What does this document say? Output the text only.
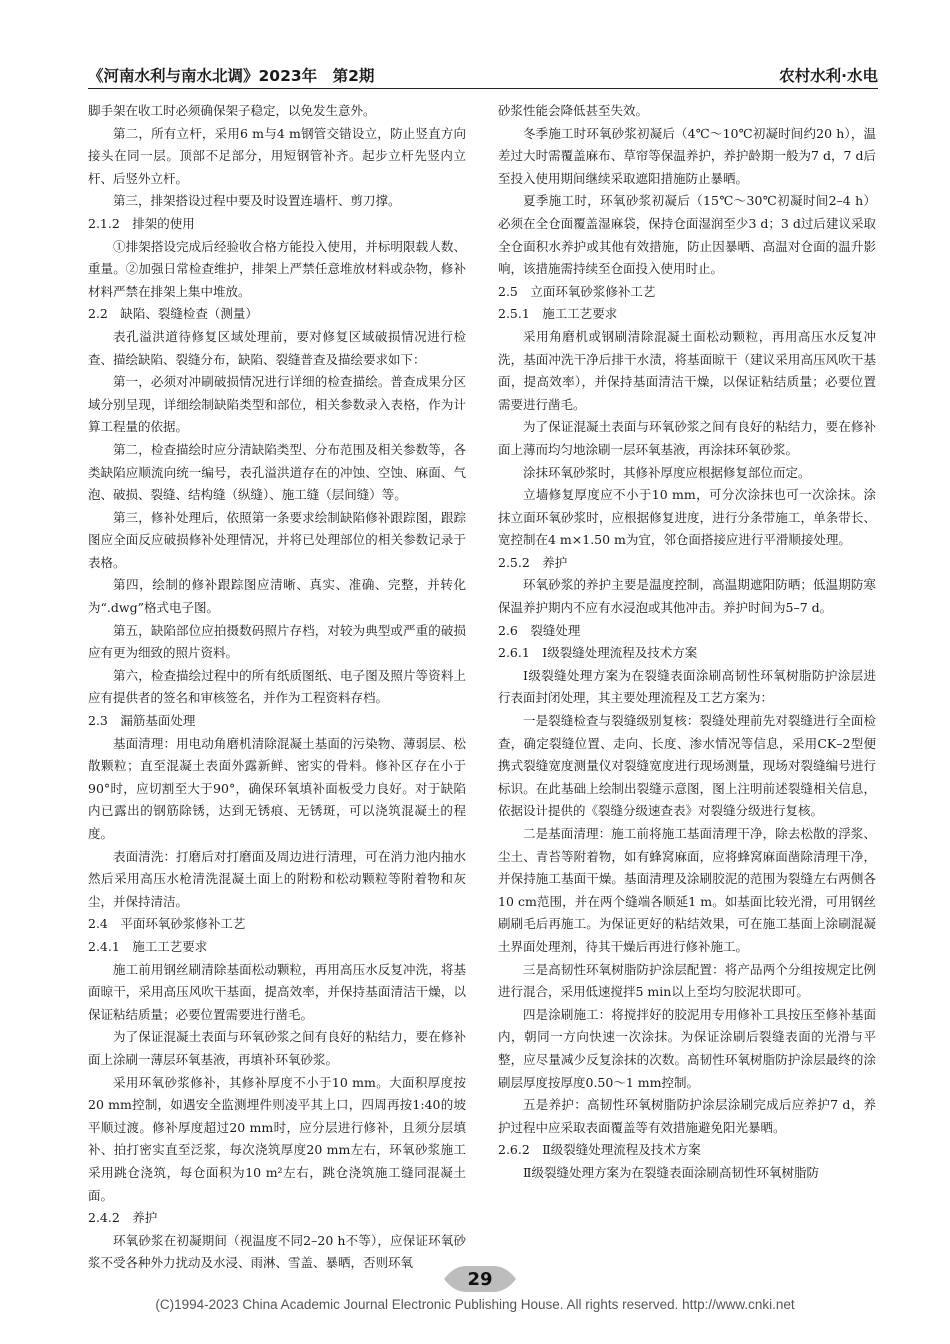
《河南水利与南水北调》2023年　第2期	农村水利·水电

脚手架在收工时必须确保架子稳定，以免发生意外。

第二，所有立杆，采用6 m与4 m钢管交错设立，防止竖直方向接头在同一层。顶部不足部分，用短钢管补齐。起步立杆先竖内立杆、后竖外立杆。

第三，排架搭设过程中要及时设置连墙杆、剪刀撑。

2.1.2　排架的使用

①排架搭设完成后经验收合格方能投入使用，并标明限载人数、重量。②加强日常检查维护，排架上严禁任意堆放材料或杂物，修补材料严禁在排架上集中堆放。

2.2　缺陷、裂缝检查（测量）

表孔溢洪道待修复区域处理前，要对修复区域破损情况进行检查、描绘缺陷、裂缝分布，缺陷、裂缝普查及描绘要求如下：

第一，必须对冲刷破损情况进行详细的检查描绘。普查成果分区域分别呈现，详细绘制缺陷类型和部位，相关参数录入表格，作为计算工程量的依据。

第二，检查描绘时应分清缺陷类型、分布范围及相关参数等，各类缺陷应顺流向统一编号，表孔溢洪道存在的冲蚀、空蚀、麻面、气泡、破损、裂缝、结构缝（纵缝）、施工缝（层间缝）等。

第三，修补处理后，依照第一条要求绘制缺陷修补跟踪图，跟踪图应全面反应破损修补处理情况，并将已处理部位的相关参数记录于表格。

第四，绘制的修补跟踪图应清晰、真实、准确、完整，并转化为“.dwg”格式电子图。

第五，缺陷部位应拍摄数码照片存档，对较为典型或严重的破损应有更为细致的照片资料。

第六，检查描绘过程中的所有纸质图纸、电子图及照片等资料上应有提供者的签名和审核签名，并作为工程资料存档。

2.3　漏筋基面处理

基面清理：用电动角磨机清除混凝土基面的污染物、薄弱层、松散颗粒；直至混凝土表面外露新鲜、密实的骨料。修补区存在小于90°时，应切割至大于90°，确保环氧填补面板受力良好。对于缺陷内已露出的钢筋除锈，达到无锈痕、无锈斑，可以浇筑混凝土的程度。

表面清洗：打磨后对打磨面及周边进行清理，可在消力池内抽水然后采用高压水枪清洗混凝土面上的附粉和松动颗粒等附着物和灰尘，并保持清洁。

2.4　平面环氧砂浆修补工艺

2.4.1　施工工艺要求

施工前用钢丝刷清除基面松动颗粒，再用高压水反复冲洗，将基面晾干，采用高压风吹干基面，提高效率，并保持基面清洁干燥，以保证粘结质量；必要位置需要进行凿毛。

为了保证混凝土表面与环氧砂浆之间有良好的粘结力，要在修补面上涂刷一薄层环氧基液，再填补环氧砂浆。

采用环氧砂浆修补，其修补厚度不小于10 mm。大面积厚度按20 mm控制，如遇安全监测埋件则凌平其上口，四周再按1:40的坡平顺过渡。修补厚度超过20 mm时，应分层进行修补，且须分层填补、拍打密实直至泛浆，每次浇筑厚度20 mm左右，环氧砂浆施工采用跳仓浇筑，每仓面积为10 m²左右，跳仓浇筑施工缝同混凝土面。

2.4.2　养护

环氧砂浆在初凝期间（视温度不同2–20 h不等），应保证环氧砂浆不受各种外力扰动及水浸、雨淋、雪盖、暴晒，否则环氧

砂浆性能会降低甚至失效。

冬季施工时环氧砂浆初凝后（4℃～10℃初凝时间约20 h），温差过大时需覆盖麻布、草帘等保温养护，养护龄期一般为7 d，7 d后至投入使用期间继续采取遮阳措施防止暴晒。

夏季施工时，环氧砂浆初凝后（15℃～30℃初凝时间2–4 h）必须在全仓面覆盖湿麻袋，保持仓面湿润至少3 d；3 d过后建议采取全仓面积水养护或其他有效措施，防止因暴晒、高温对仓面的温升影响，该措施需持续至仓面投入使用时止。

2.5　立面环氧砂浆修补工艺

2.5.1　施工工艺要求

采用角磨机或钢刷清除混凝土面松动颗粒，再用高压水反复冲洗，基面冲洗干净后排干水渍，将基面晾干（建议采用高压风吹干基面，提高效率），并保持基面清洁干燥，以保证粘结质量；必要位置需要进行凿毛。

为了保证混凝土表面与环氧砂浆之间有良好的粘结力，要在修补面上薄而均匀地涂刷一层环氧基液，再涂抹环氧砂浆。

涂抹环氧砂浆时，其修补厚度应根据修复部位而定。

立墙修复厚度应不小于10 mm，可分次涂抹也可一次涂抹。涂抹立面环氧砂浆时，应根据修复进度，进行分条带施工，单条带长、宽控制在4 m×1.50 m为宜，邻仓面搭接应进行平滑顺接处理。

2.5.2　养护

环氧砂浆的养护主要是温度控制，高温期遮阳防晒；低温期防寒保温养护期内不应有水浸泡或其他冲击。养护时间为5–7 d。

2.6　裂缝处理

2.6.1　Ⅰ级裂缝处理流程及技术方案

Ⅰ级裂缝处理方案为在裂缝表面涂刷高韧性环氧树脂防护涂层进行表面封闭处理，其主要处理流程及工艺方案为：

一是裂缝检查与裂缝级别复核：裂缝处理前先对裂缝进行全面检查，确定裂缝位置、走向、长度、渗水情况等信息，采用CK–2型便携式裂缝宽度测量仪对裂缝宽度进行现场测量，现场对裂缝编号进行标识。在此基础上绘制出裂缝示意图，图上注明前述裂缝相关信息，依据设计提供的《裂缝分级速查表》对裂缝分级进行复核。

二是基面清理：施工前将施工基面清理干净，除去松散的浮浆、尘土、青苔等附着物，如有蜂窝麻面，应将蜂窝麻面凿除清理干净，并保持施工基面干燥。基面清理及涂刷胶泥的范围为裂缝左右两侧各10 cm范围，并在两个缝端各顺延1 m。如基面比较光滑，可用钢丝刷刷毛后再施工。为保证更好的粘结效果，可在施工基面上涂刷混凝土界面处理剂，待其干燥后再进行修补施工。

三是高韧性环氧树脂防护涂层配置：将产品两个分组按规定比例进行混合，采用低速搅拌5 min以上至均匀胶泥状即可。

四是涂刷施工：将搅拌好的胶泥用专用修补工具按压至修补基面内，朝同一方向快速一次涂抹。为保证涂刷后裂缝表面的光滑与平整，应尽量减少反复涂抹的次数。高韧性环氧树脂防护涂层最终的涂刷层厚度按厚度0.50～1 mm控制。

五是养护：高韧性环氧树脂防护涂层涂刷完成后应养护7 d，养护过程中应采取表面覆盖等有效措施避免阳光暴晒。

2.6.2　Ⅱ级裂缝处理流程及技术方案

Ⅱ级裂缝处理方案为在裂缝表面涂刷高韧性环氧树脂防

29
(C)1994-2023 China Academic Journal Electronic Publishing House. All rights reserved. http://www.cnki.net
